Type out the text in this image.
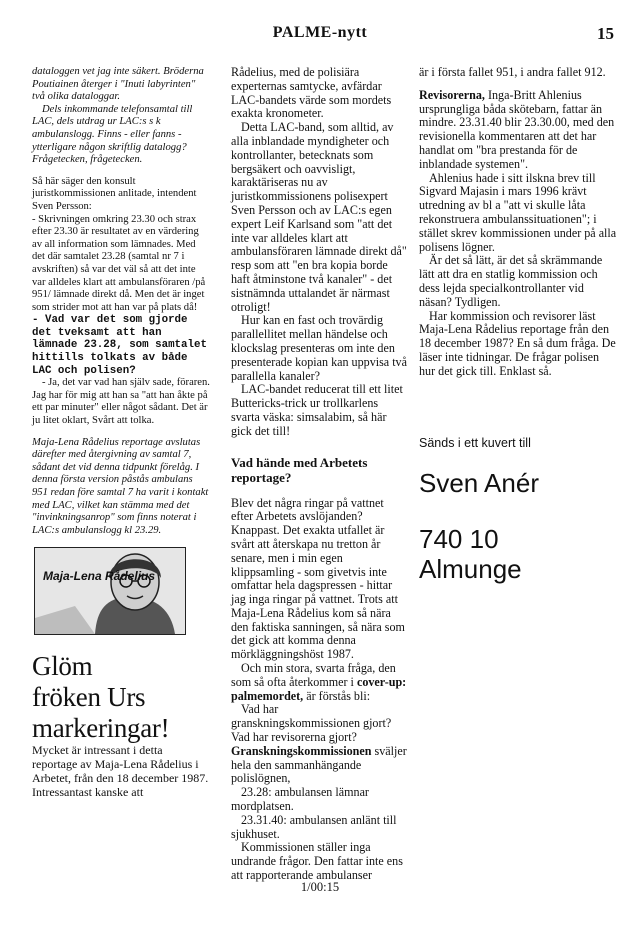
PALME-nytt	15

dataloggen vet jag inte säkert. Bröderna Poutiainen återger i "Inuti labyrinten" två olika dataloggar.

Dels inkommande telefonsamtal till LAC, dels utdrag ur LAC:s s k ambulanslogg. Finns - eller fanns - ytterligare någon skriftlig datalogg? Frågetecken, frågetecken.

Så här säger den konsult juristkommissionen anlitade, intendent Sven Persson:

- Skrivningen omkring 23.30 och strax efter 23.30 är resultatet av en värdering av all information som lämnades. Med det där samtalet 23.28 (samtal nr 7 i avskriften) så var det väl så att det inte var alldeles klart att ambulansföraren /på 951/ lämnade direkt då. Men det är inget som strider mot att han var på plats då!

- Vad var det som gjorde det tveksamt att han lämnade 23.28, som samtalet hittills tolkats av både LAC och polisen?

- Ja, det var vad han själv sade, föraren. Jag har för mig att han sa "att han åkte på ett par minuter" eller något sådant. Det är ju litet oklart, Svårt att tolka.

Maja-Lena Rådelius reportage avslutas därefter med återgivning av samtal 7, sådant det vid denna tidpunkt förelåg. I denna första version påstås ambulans 951 redan före samtal 7 ha varit i kontakt med LAC, vilket kan stämma med det "invinkningsanrop" som finns noterat i LAC:s ambulanslogg kl 23.29.

Maja-Lena Rådelius
Glöm
fröken Urs
markeringar!

Mycket är intressant i detta reportage av Maja-Lena Rådelius i Arbetet, från den 18 december 1987. Intressantast kanske att

Rådelius, med de polisiära experternas samtycke, avfärdar LAC-bandets värde som mordets exakta kronometer.

Detta LAC-band, som alltid, av alla inblandade myndigheter och kontrollanter, betecknats som bergsäkert och oavvisligt, karaktäriseras nu av juristkommissionens polisexpert Sven Persson och av LAC:s egen expert Leif Karlsand som "att det inte var alldeles klart att ambulansföraren lämnade direkt då" resp som att "en bra kopia borde haft åtminstone två kanaler" - det sistnämnda uttalandet är närmast otroligt!

Hur kan en fast och trovärdig parallellitet mellan händelse och klockslag presenteras om inte den presenterade kopian kan uppvisa två parallella kanaler?

LAC-bandet reducerat till ett litet Buttericks-trick ur trollkarlens svarta väska: simsalabim, så här gick det till!

Vad hände med Arbetets reportage?

Blev det några ringar på vattnet efter Arbetets avslöjanden? Knappast. Det exakta utfallet är svårt att återskapa nu tretton år senare, men i min egen klippsamling - som givetvis inte omfattar hela dagspressen - hittar jag inga ringar på vattnet. Trots att Maja-Lena Rådelius kom så nära den faktiska sanningen, så nära som det gick att komma denna mörkläggningshöst 1987.

Och min stora, svarta fråga, den som så ofta återkommer i cover-up: palmemordet, är förstås bli:

Vad har granskningskommissionen gjort?

Vad har revisorerna gjort?

Granskningskommissionen sväljer hela den sammanhängande polislögnen,

23.28: ambulansen lämnar mordplatsen.

23.31.40: ambulansen anlänt till sjukhuset.

Kommissionen ställer inga undrande frågor. Den fattar inte ens att rapporterande ambulanser

är i första fallet 951, i andra fallet 912.

Revisorerna, Inga-Britt Ahlenius ursprungliga båda skötebarn, fattar än mindre. 23.31.40 blir 23.30.00, med den revisionella kommentaren att det har handlat om "bra prestanda för de inblandade systemen".

Ahlenius hade i sitt ilskna brev till Sigvard Majasin i mars 1996 krävt utredning av bl a "att vi skulle låta rekonstruera ambulanssituationen"; i stället skrev kommissionen under på alla polisens lögner.

Är det så lätt, är det så skrämmande lätt att dra en statlig kommission och dess lejda specialkontrollanter vid näsan? Tydligen.

Har kommission och revisorer läst Maja-Lena Rådelius reportage från den 18 december 1987? En så dum fråga. De läser inte tidningar. De frågar polisen hur det gick till. Enklast så.

Sänds i ett kuvert till

Sven Anér

740 10

Almunge

1/00:15
